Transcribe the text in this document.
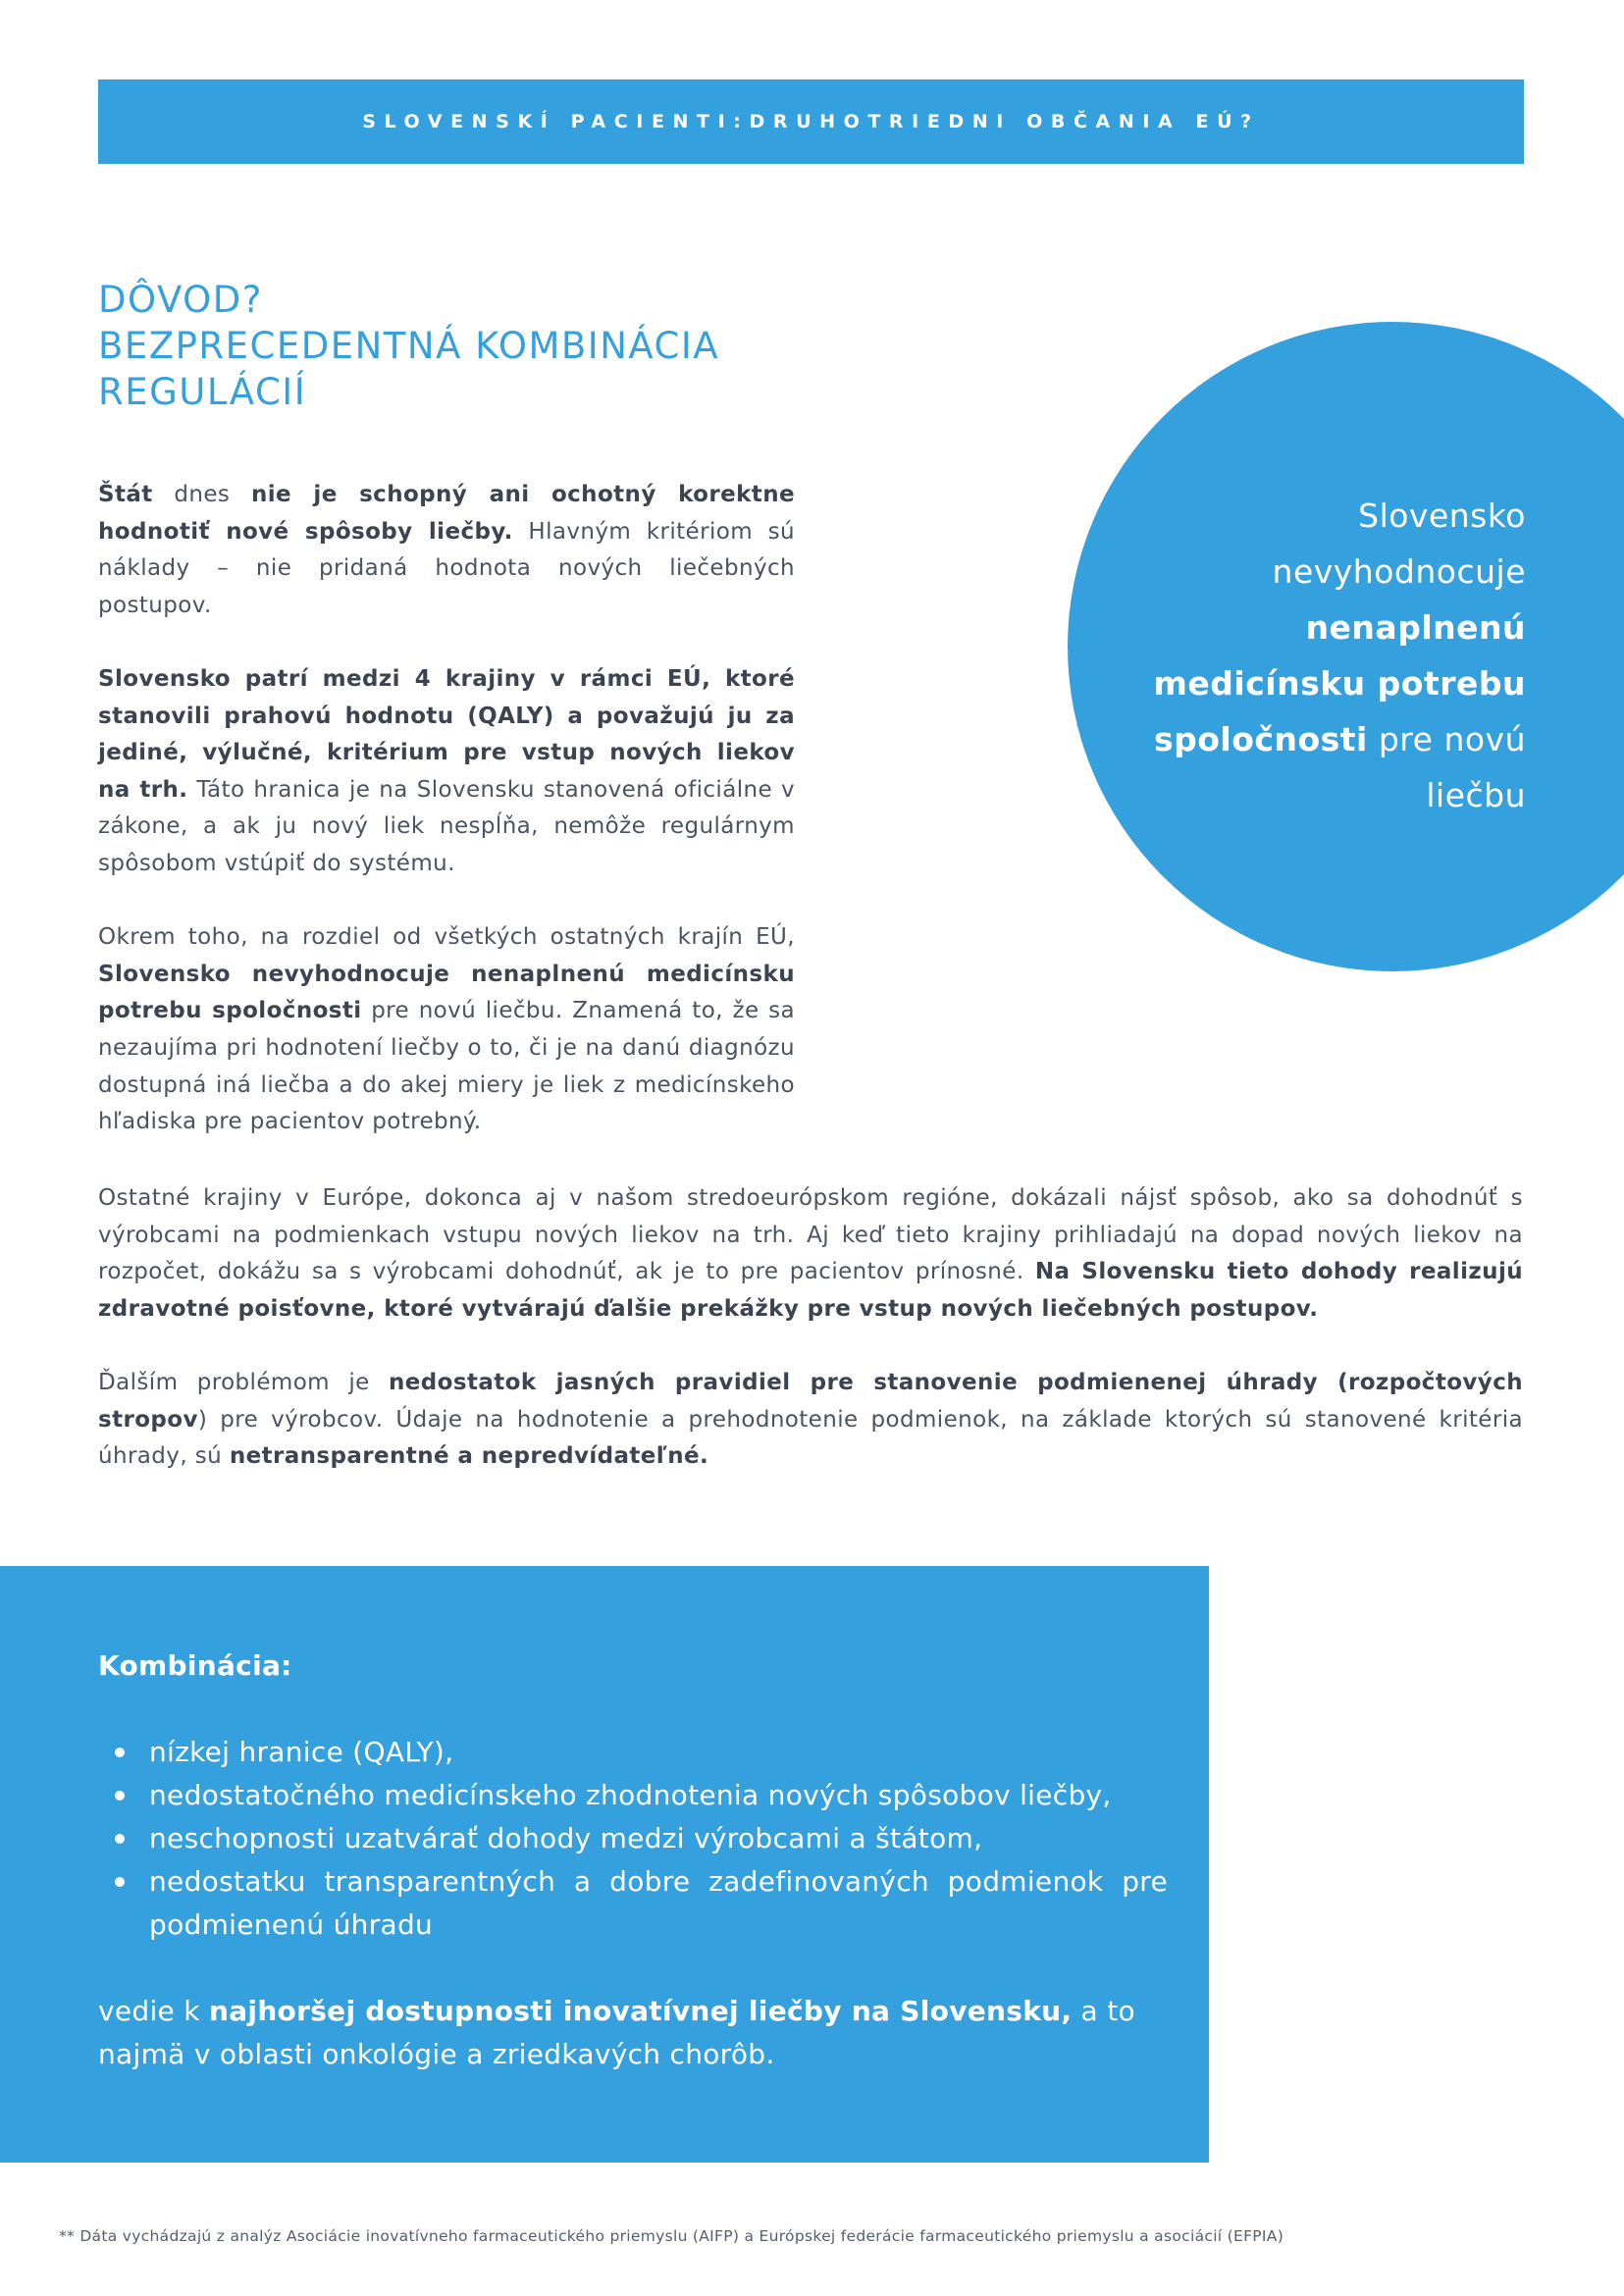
SLOVENSKÍ PACIENTI:DRUHOTRIEDNI OBČANIA EÚ?
DÔVOD?
BEZPRECEDENTNÁ KOMBINÁCIA
REGULÁCIÍ

Štát dnes nie je schopný ani ochotný korektne hodnotiť nové spôsoby liečby. Hlavným kritériom sú náklady – nie pridaná hodnota nových liečebných postupov.

Slovensko patrí medzi 4 krajiny v rámci EÚ, ktoré stanovili prahovú hodnotu (QALY) a považujú ju za jediné, výlučné, kritérium pre vstup nových liekov na trh. Táto hranica je na Slovensku stanovená oficiálne v zákone, a ak ju nový liek nespĺňa, nemôže regulárnym spôsobom vstúpiť do systému.

Okrem toho, na rozdiel od všetkých ostatných krajín EÚ, Slovensko nevyhodnocuje nenaplnenú medicínsku potrebu spoločnosti pre novú liečbu. Znamená to, že sa nezaujíma pri hodnotení liečby o to, či je na danú diagnózu dostupná iná liečba a do akej miery je liek z medicínskeho hľadiska pre pacientov potrebný.

Slovensko nevyhodnocuje nenaplnenú medicínsku potrebu spoločnosti pre novú liečbu

Ostatné krajiny v Európe, dokonca aj v našom stredoeurópskom regióne, dokázali nájsť spôsob, ako sa dohodnúť s výrobcami na podmienkach vstupu nových liekov na trh. Aj keď tieto krajiny prihliadajú na dopad nových liekov na rozpočet, dokážu sa s výrobcami dohodnúť, ak je to pre pacientov prínosné. Na Slovensku tieto dohody realizujú zdravotné poisťovne, ktoré vytvárajú ďalšie prekážky pre vstup nových liečebných postupov.

Ďalším problémom je nedostatok jasných pravidiel pre stanovenie podmienenej úhrady (rozpočtových stropov) pre výrobcov. Údaje na hodnotenie a prehodnotenie podmienok, na základe ktorých sú stanovené kritéria úhrady, sú netransparentné a nepredvídateľné.

Kombinácia:
nízkej hranice (QALY),
nedostatočného medicínskeho zhodnotenia nových spôsobov liečby,
neschopnosti uzatvárať dohody medzi výrobcami a štátom,
nedostatku transparentných a dobre zadefinovaných podmienok pre podmienenú úhradu

vedie k najhoršej dostupnosti inovatívnej liečby na Slovensku, a to najmä v oblasti onkológie a zriedkavých chorôb.

** Dáta vychádzajú z analýz Asociácie inovatívneho farmaceutického priemyslu (AIFP) a Európskej federácie farmaceutického priemyslu a asociácií (EFPIA)
